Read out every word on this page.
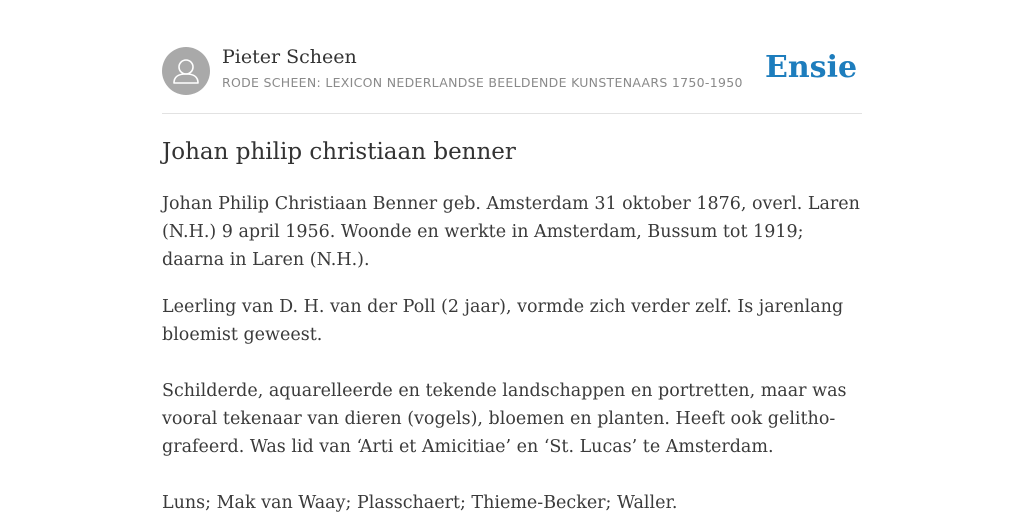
Pieter Scheen
RODE SCHEEN: LEXICON NEDERLANDSE BEELDENDE KUNSTENAARS 1750-1950 Ensie
Johan philip christiaan benner

Johan Philip Christiaan Benner geb. Amsterdam 31 oktober 1876, overl. Laren (N.H.) 9 april 1956. Woonde en werkte in Amsterdam, Bussum tot 1919; daarna in Laren (N.H.).

Leerling van D. H. van der Poll (2 jaar), vormde zich verder zelf. Is jarenlang bloemist geweest.

Schilderde, aquarelleerde en tekende landschappen en portretten, maar was vooral tekenaar van dieren (vogels), bloemen en planten. Heeft ook gelitho-grafeerd. Was lid van ‘Arti et Amicitiae’ en ‘St. Lucas’ te Amsterdam.

Luns; Mak van Waay; Plasschaert; Thieme-Becker; Waller.
